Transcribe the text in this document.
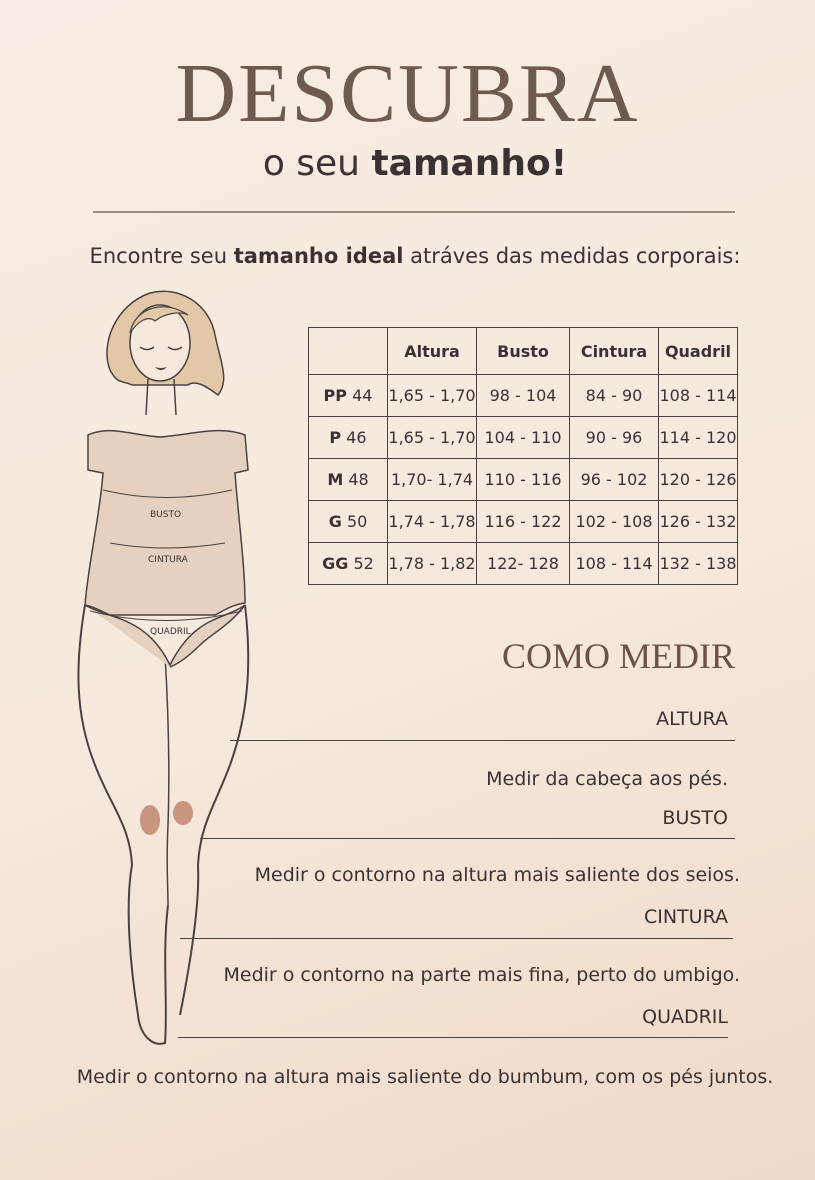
DESCUBRA
o seu tamanho!
Encontre seu tamanho ideal atráves das medidas corporais:
BUSTO
CINTURA
QUADRIL
	Altura	Busto	Cintura	Quadril
PP 44	1,65 - 1,70	98 - 104	84 - 90	108 - 114
P 46	1,65 - 1,70	104 - 110	90 - 96	114 - 120
M 48	1,70- 1,74	110 - 116	96 - 102	120 - 126
G 50	1,74 - 1,78	116 - 122	102 - 108	126 - 132
GG 52	1,78 - 1,82	122- 128	108 - 114	132 - 138
COMO MEDIR
ALTURA
Medir da cabeça aos pés.
BUSTO
Medir o contorno na altura mais saliente dos seios.
CINTURA
Medir o contorno na parte mais fina, perto do umbigo.
QUADRIL
Medir o contorno na altura mais saliente do bumbum, com os pés juntos.
